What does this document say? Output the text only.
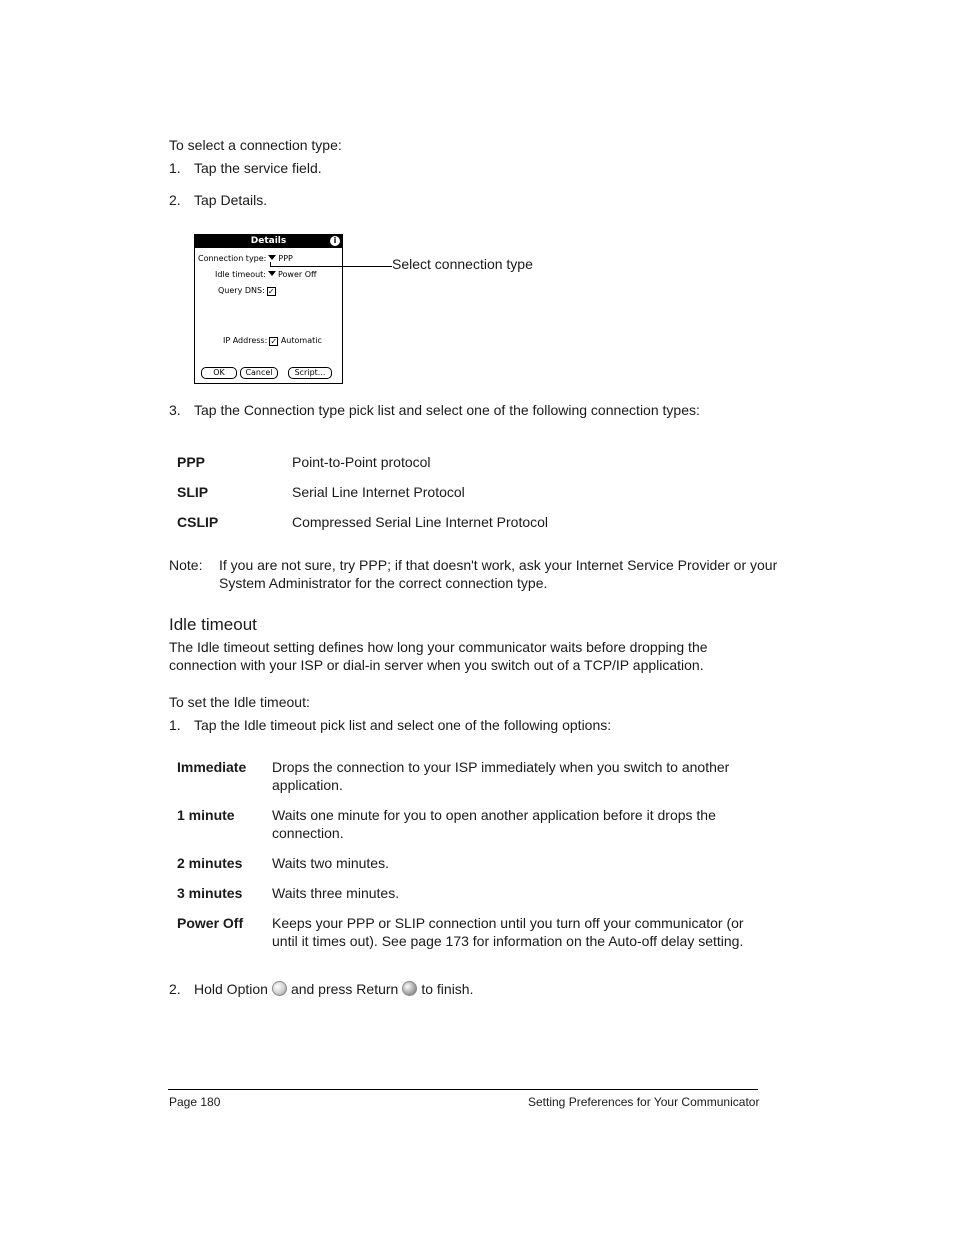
To select a connection type:
1. Tap the service field.
2. Tap Details.
Details	i
Connection type: PPP
Idle timeout: Power Off
Query DNS: ✓
IP Address: ✓ Automatic
OK	Cancel	Script...
Select connection type
3. Tap the Connection type pick list and select one of the following connection types:
PPP	Point-to-Point protocol
SLIP	Serial Line Internet Protocol
CSLIP	Compressed Serial Line Internet Protocol
Note: If you are not sure, try PPP; if that doesn't work, ask your Internet Service Provider or your
System Administrator for the correct connection type.
Idle timeout
The Idle timeout setting defines how long your communicator waits before dropping the
connection with your ISP or dial-in server when you switch out of a TCP/IP application.
To set the Idle timeout:
1. Tap the Idle timeout pick list and select one of the following options:
Immediate Drops the connection to your ISP immediately when you switch to another
application.
1 minute	Waits one minute for you to open another application before it drops the
connection.
2 minutes Waits two minutes.
3 minutes Waits three minutes.
Power Off Keeps your PPP or SLIP connection until you turn off your communicator (or
until it times out). See page 173 for information on the Auto-off delay setting.
2. Hold Option and press Return to finish.
Page 180	Setting Preferences for Your Communicator
